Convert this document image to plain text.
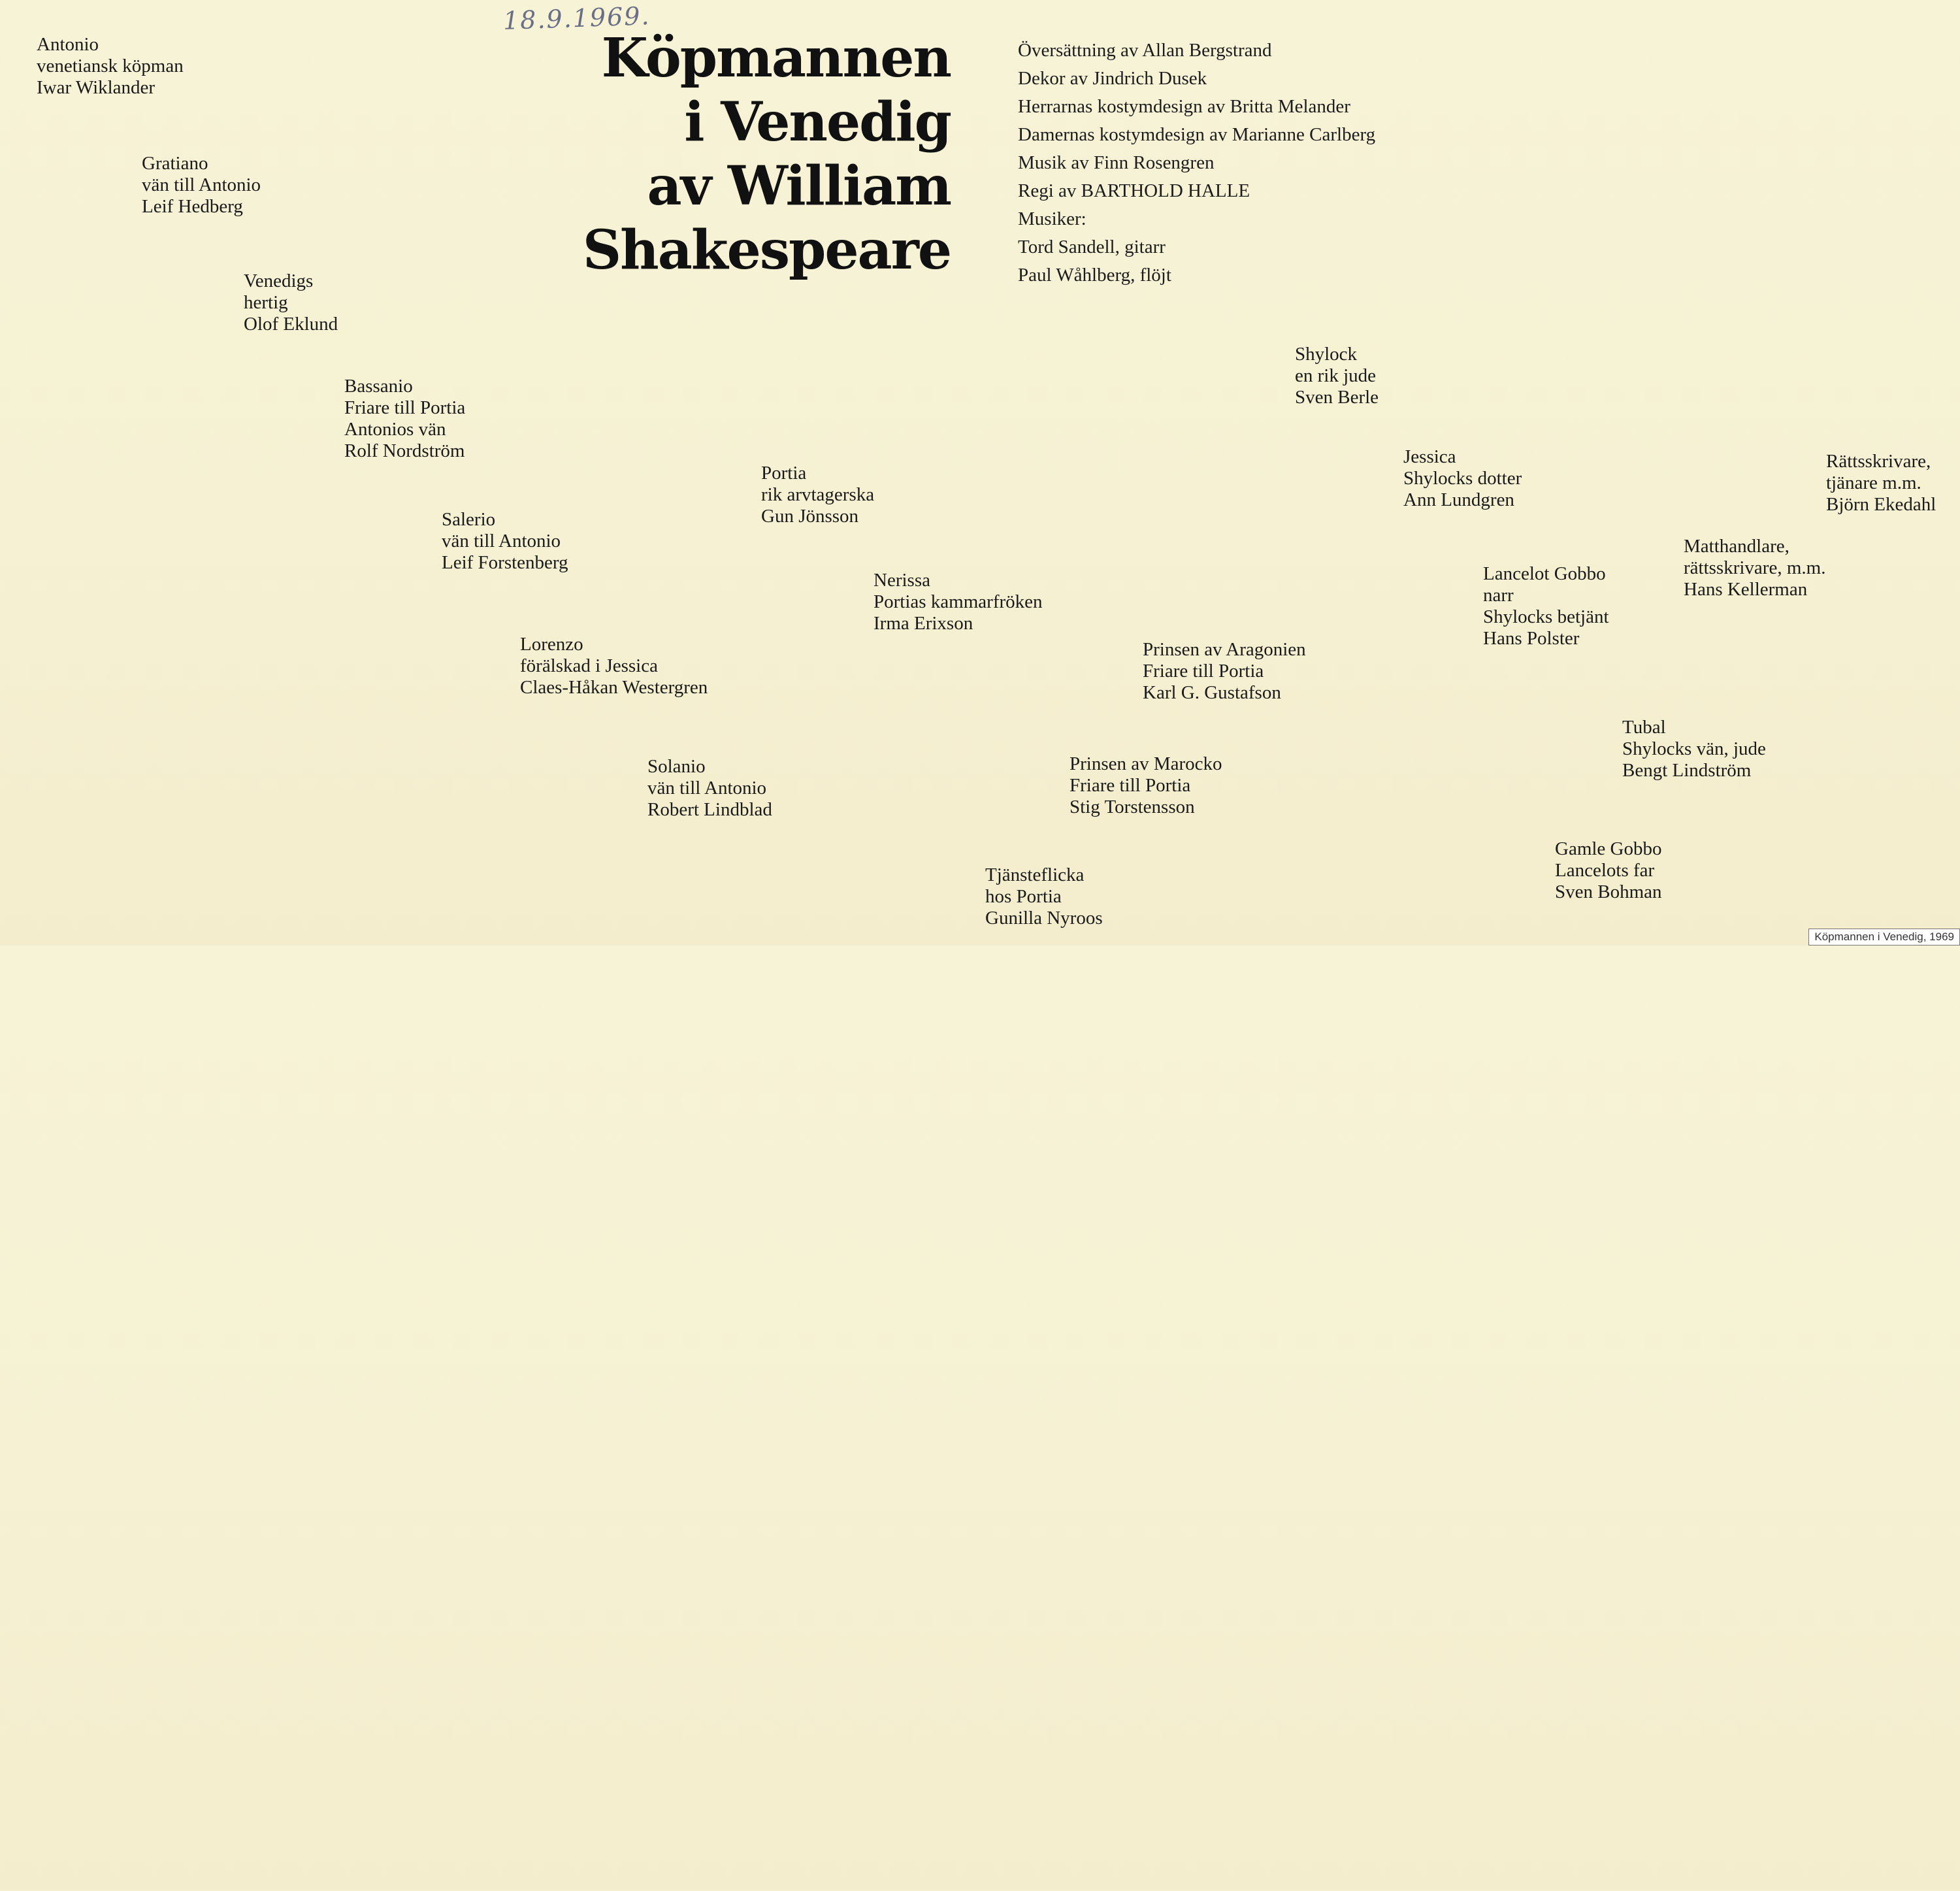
18.9.1969.
Köpmannen
i Venedig
av William
Shakespeare
Översättning av Allan Bergstrand
Dekor av Jindrich Dusek
Herrarnas kostymdesign av Britta Melander
Damernas kostymdesign av Marianne Carlberg
Musik av Finn Rosengren
Regi av BARTHOLD HALLE
Musiker:
Tord Sandell, gitarr
Paul Wåhlberg, flöjt
Antonio
venetiansk köpman
Iwar Wiklander
Gratiano
vän till Antonio
Leif Hedberg
Venedigs
hertig
Olof Eklund
Bassanio
Friare till Portia
Antonios vän
Rolf Nordström
Salerio
vän till Antonio
Leif Forstenberg
Lorenzo
förälskad i Jessica
Claes-Håkan Westergren
Solanio
vän till Antonio
Robert Lindblad
Portia
rik arvtagerska
Gun Jönsson
Nerissa
Portias kammarfröken
Irma Erixson
Tjänsteflicka
hos Portia
Gunilla Nyroos
Prinsen av Marocko
Friare till Portia
Stig Torstensson
Prinsen av Aragonien
Friare till Portia
Karl G. Gustafson
Shylock
en rik jude
Sven Berle
Jessica
Shylocks dotter
Ann Lundgren
Lancelot Gobbo
narr
Shylocks betjänt
Hans Polster
Gamle Gobbo
Lancelots far
Sven Bohman
Tubal
Shylocks vän, jude
Bengt Lindström
Matthandlare,
rättsskrivare, m.m.
Hans Kellerman
Rättsskrivare,
tjänare m.m.
Björn Ekedahl
Köpmannen i Venedig, 1969
